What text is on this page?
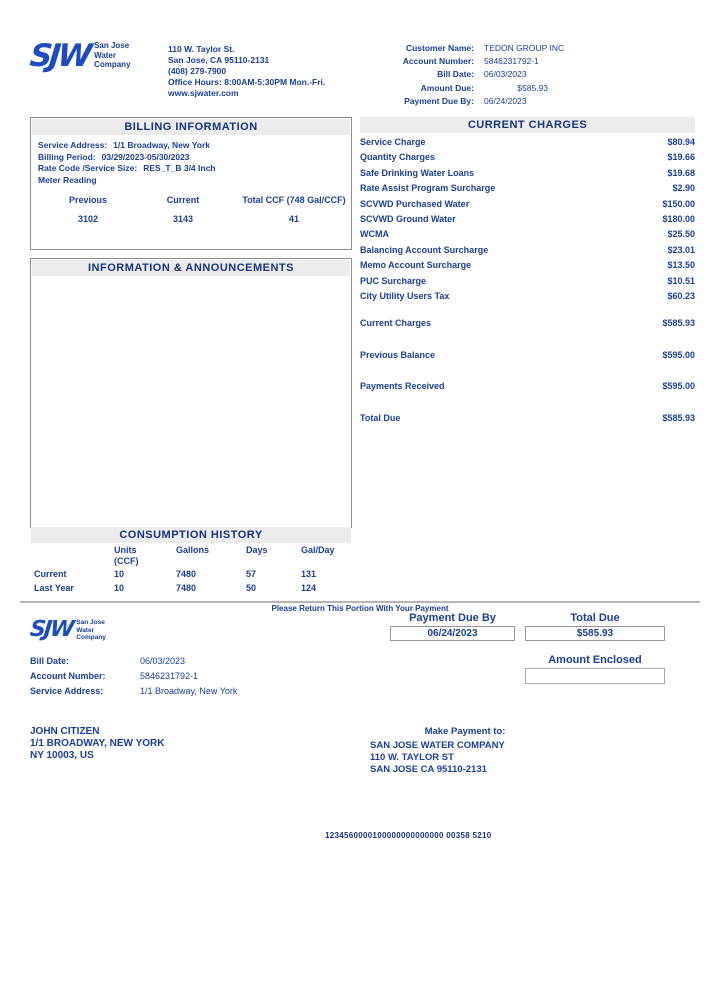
SJW San Jose
Water
Company
110 W. Taylor St.
San Jose, CA 95110-2131
(408) 279-7900
Office Hours: 8:00AM-5:30PM Mon.-Fri.
www.sjwater.com
Customer Name: TEDON GROUP INC
Account Number: 5846231792-1
Bill Date: 06/03/2023
Amount Due:	$585.93
Payment Due By: 06/24/2023
BILLING INFORMATION
Service Address: 1/1 Broadway, New York
Billing Period: 03/29/2023-05/30/2023
Rate Code /Service Size: RES_T_B 3/4 Inch
Meter Reading
Previous	Current	Total CCF (748 Gal/CCF)
3102	3143	41
INFORMATION & ANNOUNCEMENTS
CURRENT CHARGES
Service Charge	$80.94
Quantity Charges	$19.66
Safe Drinking Water Loans	$19.68
Rate Assist Program Surcharge	$2.90
SCVWD Purchased Water	$150.00
SCVWD Ground Water	$180.00
WCMA	$25.50
Balancing Account Surcharge	$23.01
Memo Account Surcharge	$13.50
PUC Surcharge	$10.51
City Utility Users Tax	$60.23
Current Charges	$585.93
Previous Balance	$595.00
Payments Received	$595.00
Total Due	$585.93
CONSUMPTION HISTORY
Units	Gallons	Days	Gal/Day
(CCF)
Current	10	7480	57	131
Last Year	10	7480	50	124
Please Return This Portion With Your Payment
SJW San Jose
Water
Company
Payment Due By
06/24/2023
Total Due
$585.93
Amount Enclosed
Bill Date:	06/03/2023
Account Number:	5846231792-1
Service Address:	1/1 Broadway, New York
JOHN CITIZEN
1/1 BROADWAY, NEW YORK
NY 10003, US
Make Payment to:
SAN JOSE WATER COMPANY
110 W. TAYLOR ST
SAN JOSE CA 95110-2131
1234560000100000000000000 00358 5210
